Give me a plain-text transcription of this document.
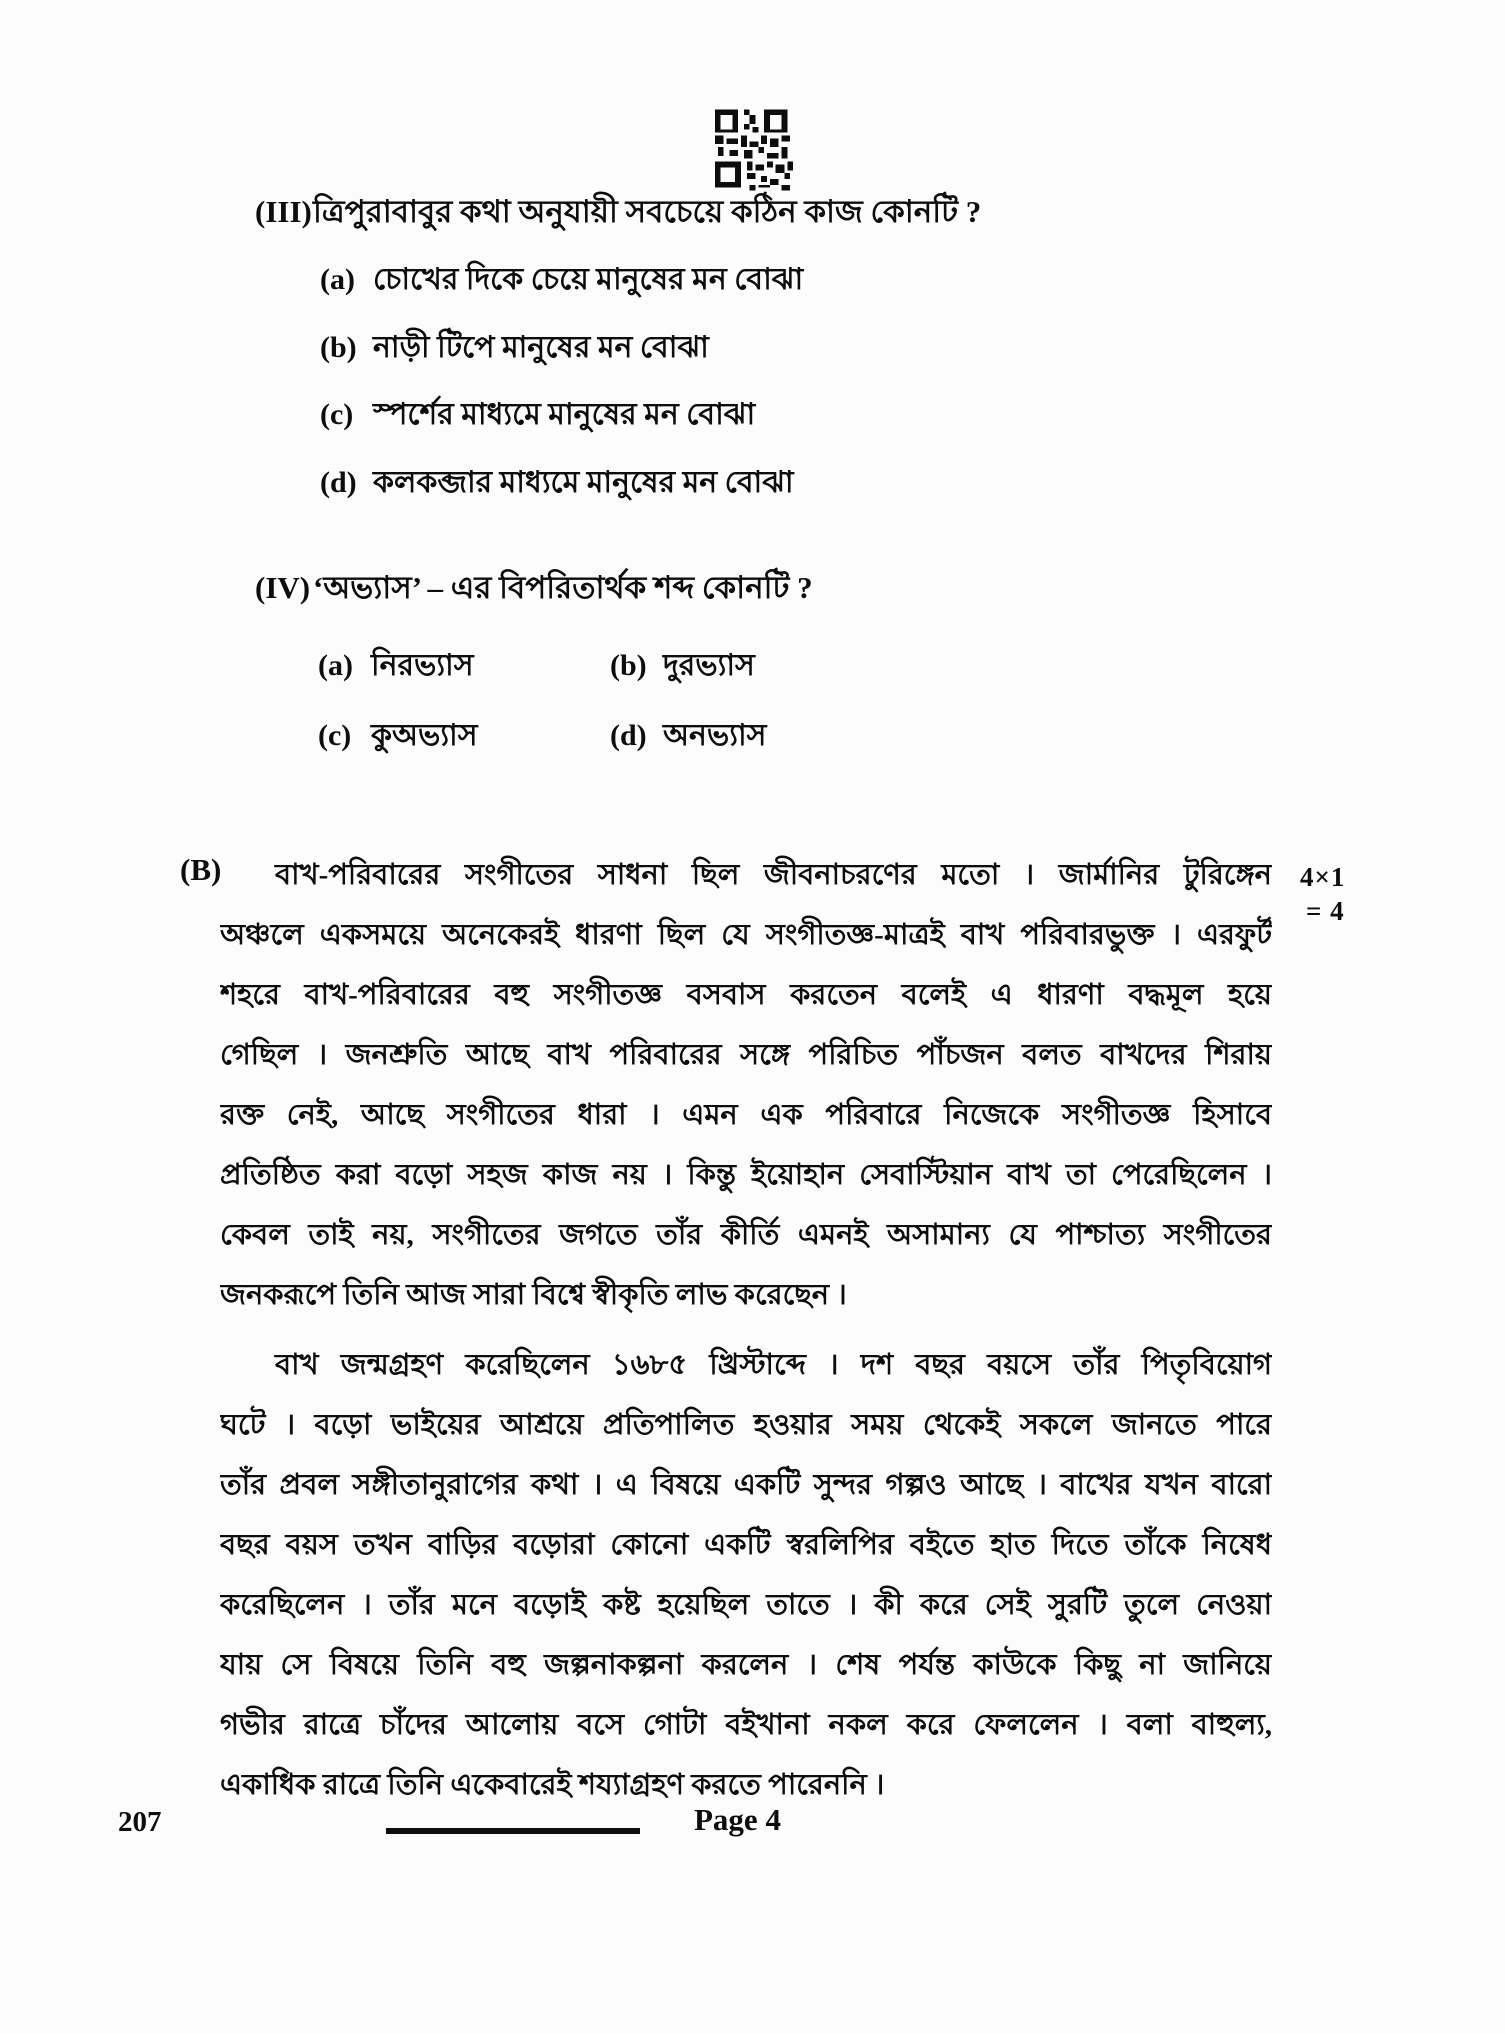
(III) ত্রিপুরাবাবুর কথা অনুযায়ী সবচেয়ে কঠিন কাজ কোনটি ?
(a) চোখের দিকে চেয়ে মানুষের মন বোঝা
(b) নাড়ী টিপে মানুষের মন বোঝা
(c) স্পর্শের মাধ্যমে মানুষের মন বোঝা
(d) কলকব্জার মাধ্যমে মানুষের মন বোঝা
(IV) ‘অভ্যাস’ – এর বিপরিতার্থক শব্দ কোনটি ?
(a) নিরভ্যাস	(b) দুরভ্যাস
(c) কুঅভ্যাস	(d) অনভ্যাস
(B)	4×1
= 4
বাখ-পরিবারের সংগীতের সাধনা ছিল জীবনাচরণের মতো । জার্মানির টুরিঙ্গেন
অঞ্চলে একসময়ে অনেকেরই ধারণা ছিল যে সংগীতজ্ঞ-মাত্রই বাখ পরিবারভুক্ত । এরফুর্ট
শহরে বাখ-পরিবারের বহু সংগীতজ্ঞ বসবাস করতেন বলেই এ ধারণা বদ্ধমূল হয়ে
গেছিল । জনশ্রুতি আছে বাখ পরিবারের সঙ্গে পরিচিত পাঁচজন বলত বাখদের শিরায়
রক্ত নেই, আছে সংগীতের ধারা । এমন এক পরিবারে নিজেকে সংগীতজ্ঞ হিসাবে
প্রতিষ্ঠিত করা বড়ো সহজ কাজ নয় । কিন্তু ইয়োহান সেবাস্টিয়ান বাখ তা পেরেছিলেন ।
কেবল তাই নয়, সংগীতের জগতে তাঁর কীর্তি এমনই অসামান্য যে পাশ্চাত্য সংগীতের
জনকরূপে তিনি আজ সারা বিশ্বে স্বীকৃতি লাভ করেছেন ।
বাখ জন্মগ্রহণ করেছিলেন ১৬৮৫ খ্রিস্টাব্দে । দশ বছর বয়সে তাঁর পিতৃবিয়োগ
ঘটে । বড়ো ভাইয়ের আশ্রয়ে প্রতিপালিত হওয়ার সময় থেকেই সকলে জানতে পারে
তাঁর প্রবল সঙ্গীতানুরাগের কথা । এ বিষয়ে একটি সুন্দর গল্পও আছে । বাখের যখন বারো
বছর বয়স তখন বাড়ির বড়োরা কোনো একটি স্বরলিপির বইতে হাত দিতে তাঁকে নিষেধ
করেছিলেন । তাঁর মনে বড়োই কষ্ট হয়েছিল তাতে । কী করে সেই সুরটি তুলে নেওয়া
যায় সে বিষয়ে তিনি বহু জল্পনাকল্পনা করলেন । শেষ পর্যন্ত কাউকে কিছু না জানিয়ে
গভীর রাত্রে চাঁদের আলোয় বসে গোটা বইখানা নকল করে ফেললেন । বলা বাহুল্য,
একাধিক রাত্রে তিনি একেবারেই শয্যাগ্রহণ করতে পারেননি ।
207	Page 4
